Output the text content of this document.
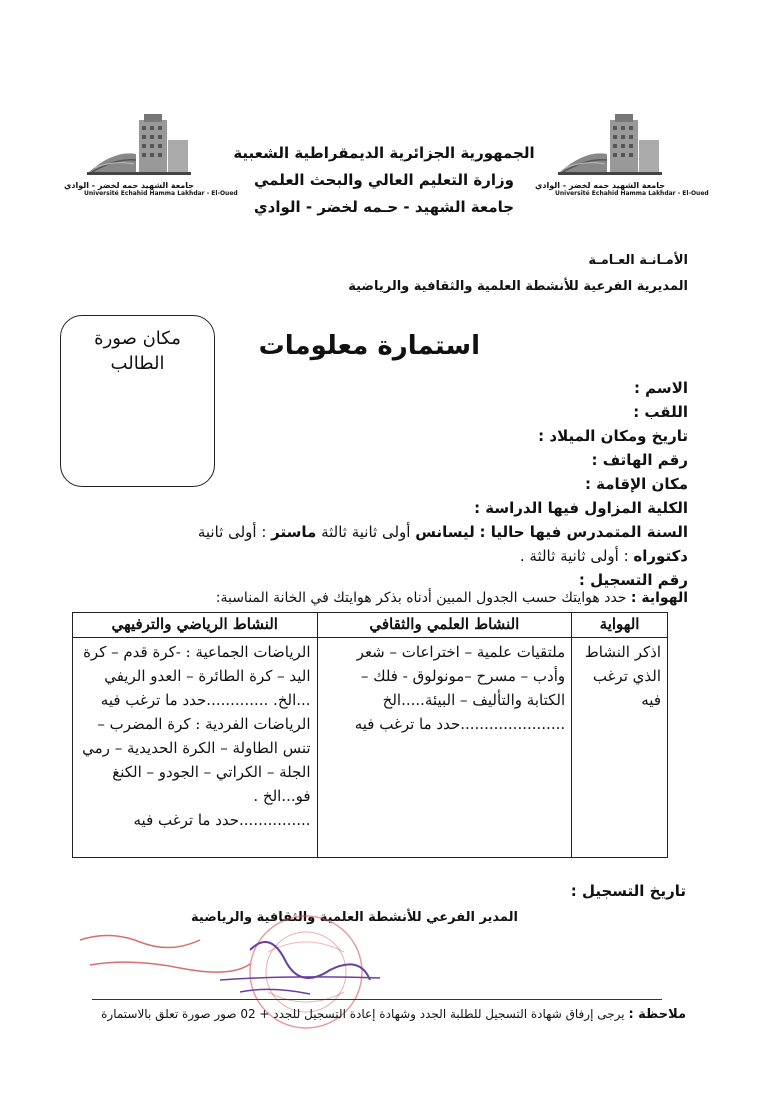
جامعة الشهيد حمه لخضر - الوادي
Université Echahid Hamma Lakhdar - El-Oued
جامعة الشهيد حمه لخضر - الوادي
Université Echahid Hamma Lakhdar - El-Oued
الجمهورية الجزائرية الديمقراطية الشعبية
وزارة التعليم العالي والبحث العلمي
جامعة الشهيد - حـمه لخضر - الوادي
الأمـانـة العـامـة
المديرية الفرعية للأنشطة العلمية والثقافية والرياضية
مكان صورة
الطالب
استمارة معلومات
الاسم :
اللقب :
تاريخ ومكان الميلاد :
رقم الهاتف :
مكان الإقامة :
الكلية المزاول فيها الدراسة :
السنة المتمدرس فيها حاليا : ليسانس أولى ثانية ثالثة ماستر : أولى ثانية
دكتوراه : أولى ثانية ثالثة .
رقم التسجيل :
الهواية : حدد هوايتك حسب الجدول المبين أدناه بذكر هوايتك في الخانة المناسبة:
الهواية	النشاط العلمي والثقافي	النشاط الرياضي والترفيهي
اذكر النشاط الذي ترغب فيه	ملتقيات علمية – اختراعات – شعر وأدب – مسرح –مونولوق - فلك – الكتابة والتأليف – البيئة.....الخ ......................حدد ما ترغب فيه	الرياضات الجماعية : -كرة قدم – كرة اليد – كرة الطائرة – العدو الريفي ...الخ. .............حدد ما ترغب فيه
الرياضات الفردية : كرة المضرب – تنس الطاولة – الكرة الحديدية – رمي الجلة – الكراتي – الجودو – الكنغ فو...الخ .
...............حدد ما ترغب فيه
تاريخ التسجيل :
المدير الفرعي للأنشطة العلمية والثقافية والرياضية
ملاحظة : يرجى إرفاق شهادة التسجيل للطلبة الجدد وشهادة إعادة التسجيل للجدد + 02 صور صورة تعلق بالاستمارة
